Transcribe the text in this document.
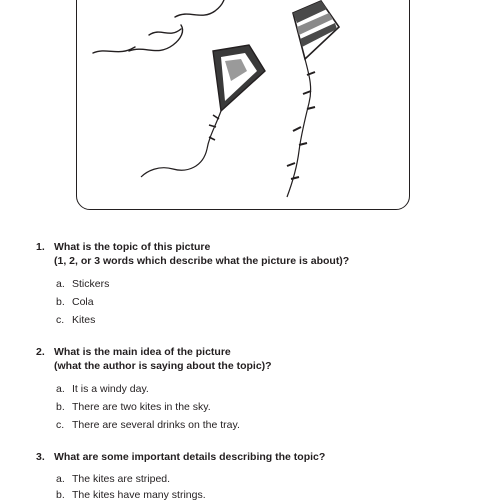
1. What is the topic of this picture
(1, 2, or 3 words which describe what the picture is about)?
a. Stickers
b. Cola
c. Kites
2. What is the main idea of the picture
(what the author is saying about the topic)?
a. It is a windy day.
b. There are two kites in the sky.
c. There are several drinks on the tray.
3. What are some important details describing the topic?
a. The kites are striped.
b. The kites have many strings.
